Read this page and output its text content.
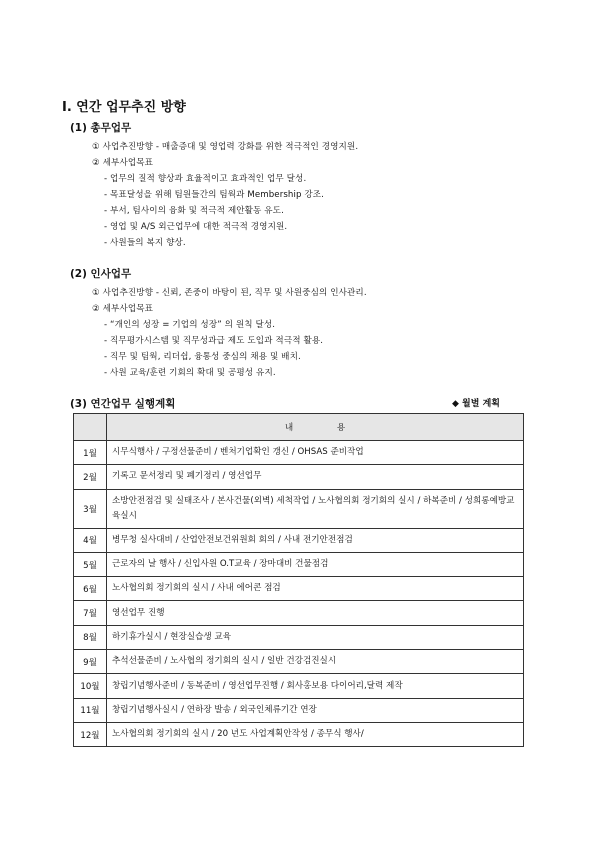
Ⅰ. 연간 업무추진 방향
(1) 총무업무
① 사업추진방향 - 매출증대 및 영업력 강화를 위한 적극적인 경영지원.
② 세부사업목표
- 업무의 질적 향상과 효율적이고 효과적인 업무 달성.
- 목표달성을 위해 팀원들간의 팀웍과 Membership 강조.
- 부서, 팀사이의 융화 및 적극적 제안활동 유도.
- 영업 및 A/S 외근업무에 대한 적극적 경영지원.
- 사원들의 복지 향상.
(2) 인사업무
① 사업추진방향 - 신뢰, 존중이 바탕이 된, 직무 및 사원중심의 인사관리.
② 세부사업목표
- “개인의 성장 = 기업의 성장” 의 원칙 달성.
- 직무평가시스템 및 직무성과급 제도 도입과 적극적 활용.
- 직무 및 팀웍, 리더쉽, 융통성 중심의 채용 및 배치.
- 사원 교육/훈련 기회의 확대 및 공평성 유지.
(3) 연간업무 실행계획	◆ 월별 계획
	내                용
1월	시무식행사 / 구정선물준비 / 벤처기업확인 갱신 / OHSAS 준비작업
2월	기록고 문서정리 및 폐기정리 / 영선업무
3월	소방안전점검 및 실태조사 / 본사건물(외벽) 세척작업 / 노사협의회 정기회의 실시 / 하복준비 / 성희롱예방교육실시
4월	병무청 실사대비 / 산업안전보건위원회 회의 / 사내 전기안전점검
5월	근로자의 날 행사 / 신입사원 O.T교육 / 장마대비 건물점검
6월	노사협의회 정기회의 실시 / 사내 에어콘 점검
7월	영선업무 진행
8월	하기휴가실시 / 현장실습생 교육
9월	추석선물준비 / 노사협의 정기회의 실시 / 일반 건강검진실시
10월	창립기념행사준비 / 동복준비 / 영선업무진행 / 회사홍보용 다이어리,달력 제작
11월	창립기념행사실시 / 연하장 발송 / 외국인체류기간 연장
12월	노사협의회 정기회의 실시 / 20 년도 사업계획안작성 / 종무식 행사/
